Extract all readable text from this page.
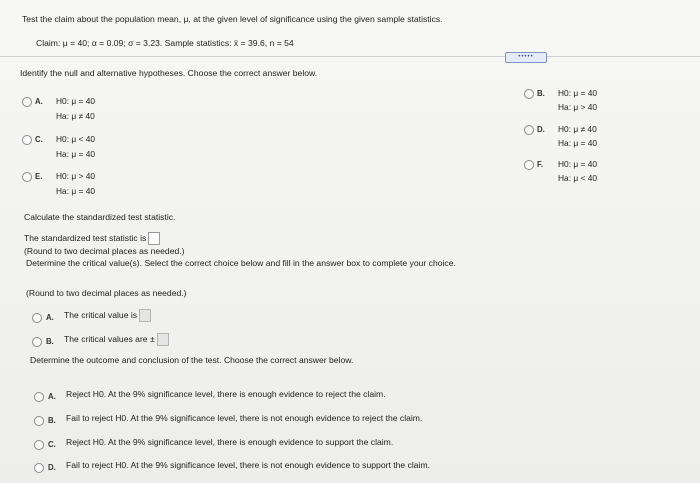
Test the claim about the population mean, μ, at the given level of significance using the given sample statistics.
Claim: μ = 40; α = 0.09; σ = 3.23. Sample statistics: x̄ = 39.6, n = 54
•••••
Identify the null and alternative hypotheses. Choose the correct answer below.
A. H0: μ = 40
Ha: μ ≠ 40
C. H0: μ < 40
Ha: μ = 40
E. H0: μ > 40
Ha: μ = 40
B. H0: μ = 40
Ha: μ > 40
D. H0: μ ≠ 40
Ha: μ = 40
F. H0: μ = 40
Ha: μ < 40
Calculate the standardized test statistic.
The standardized test statistic is
(Round to two decimal places as needed.)
Determine the critical value(s). Select the correct choice below and fill in the answer box to complete your choice.
(Round to two decimal places as needed.)
A. The critical value is
B. The critical values are ±
Determine the outcome and conclusion of the test. Choose the correct answer below.
A. Reject H0. At the 9% significance level, there is enough evidence to reject the claim.
B. Fail to reject H0. At the 9% significance level, there is not enough evidence to reject the claim.
C. Reject H0. At the 9% significance level, there is enough evidence to support the claim.
D. Fail to reject H0. At the 9% significance level, there is not enough evidence to support the claim.
